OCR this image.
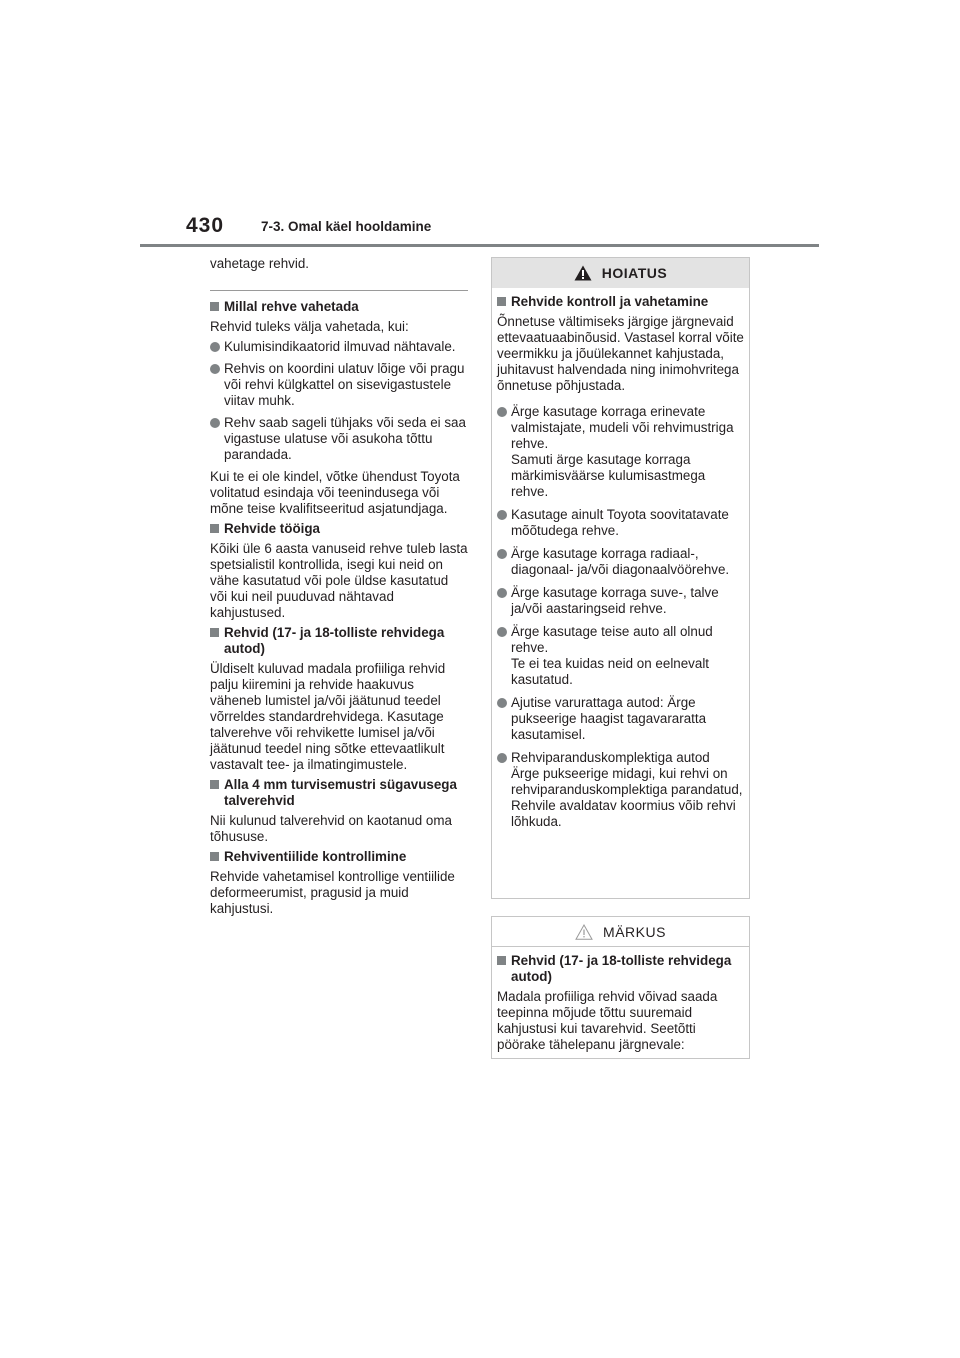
430	7-3. Omal käel hooldamine

vahetage rehvid.

Millal rehve vahetada

Rehvid tuleks välja vahetada, kui:

Kulumisindikaatorid ilmuvad nähtavale.
Rehvis on koordini ulatuv lõige või pragu või rehvi külgkattel on sisevigastustele viitav muhk.
Rehv saab sageli tühjaks või seda ei saa vigastuse ulatuse või asukoha tõttu parandada.

Kui te ei ole kindel, võtke ühendust Toyota volitatud esindaja või teenindusega või mõne teise kvalifitseeritud asjatundjaga.

Rehvide tööiga

Kõiki üle 6 aasta vanuseid rehve tuleb lasta spetsialistil kontrollida, isegi kui neid on vähe kasutatud või pole üldse kasutatud või kui neil puuduvad nähtavad kahjustused.

Rehvid (17- ja 18-tolliste rehvidega autod)

Üldiselt kuluvad madala profiiliga rehvid palju kiiremini ja rehvide haakuvus väheneb lumistel ja/või jäätunud teedel võrreldes standardrehvidega. Kasutage talverehve või rehvikette lumisel ja/või jäätunud teedel ning sõtke ettevaatlikult vastavalt tee- ja ilmatingimustele.

Alla 4 mm turvisemustri sügavusega talverehvid

Nii kulunud talverehvid on kaotanud oma tõhususe.

Rehviventiilide kontrollimine

Rehvide vahetamisel kontrollige ventiilide deformeerumist, pragusid ja muid kahjustusi.

HOIATUS
Rehvide kontroll ja vahetamine

Õnnetuse vältimiseks järgige järgnevaid ettevaatuaabinõusid. Vastasel korral võite veermikku ja jõuülekannet kahjustada, juhitavust halvendada ning inimohvritega õnnetuse põhjustada.

Ärge kasutage korraga erinevate valmistajate, mudeli või rehvimustriga rehve.
Samuti ärge kasutage korraga märkimisväärse kulumisastmega rehve.
Kasutage ainult Toyota soovitatavate mõõtudega rehve.
Ärge kasutage korraga radiaal-, diagonaal- ja/või diagonaalvöörehve.
Ärge kasutage korraga suve-, talve ja/või aastaringseid rehve.
Ärge kasutage teise auto all olnud rehve.
Te ei tea kuidas neid on eelnevalt kasutatud.
Ajutise varurattaga autod: Ärge pukseerige haagist tagavararatta kasutamisel.
Rehviparanduskomplektiga autod
Ärge pukseerige midagi, kui rehvi on rehviparanduskomplektiga parandatud, Rehvile avaldatav koormius võib rehvi lõhkuda.
MÄRKUS
Rehvid (17- ja 18-tolliste rehvidega autod)

Madala profiiliga rehvid võivad saada teepinna mõjude tõttu suuremaid kahjustusi kui tavarehvid. Seetõtti pöörake tähelepanu järgnevale:
